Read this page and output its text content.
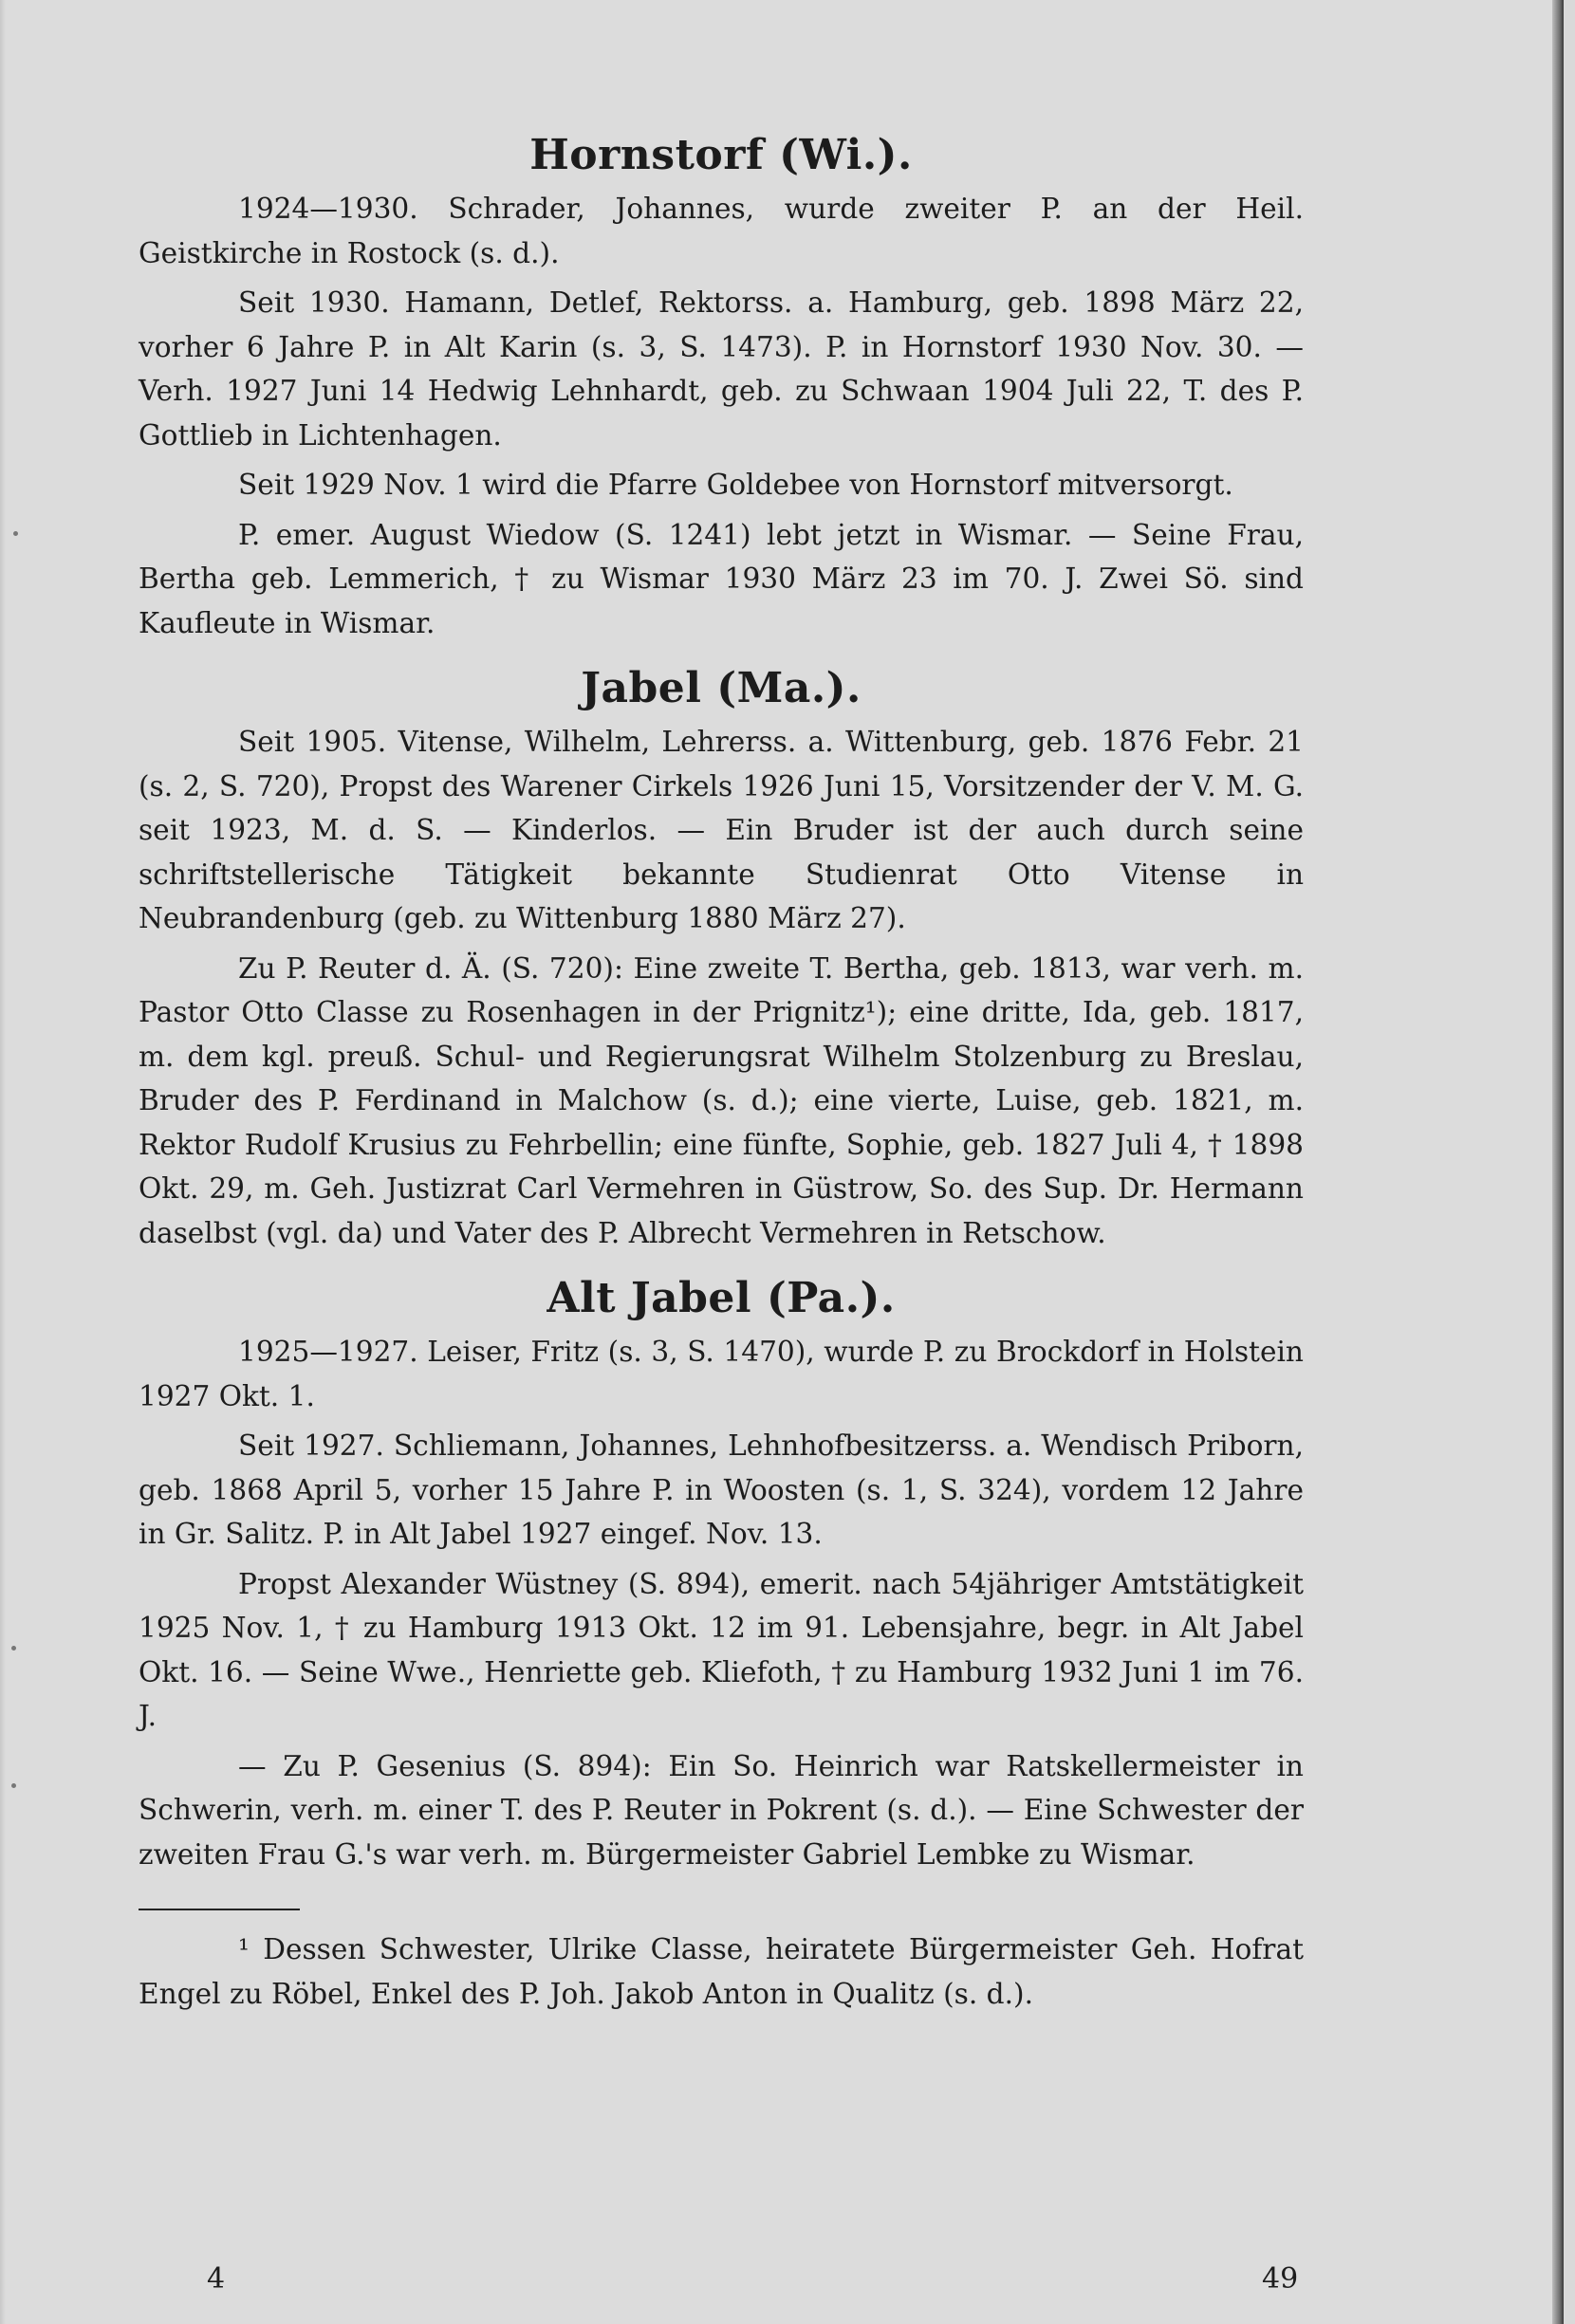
Hornstorf (Wi.).

1924—1930. Schrader, Johannes, wurde zweiter P. an der Heil. Geistkirche in Rostock (s. d.).

Seit 1930. Hamann, Detlef, Rektorss. a. Hamburg, geb. 1898 März 22, vorher 6 Jahre P. in Alt Karin (s. 3, S. 1473). P. in Hornstorf 1930 Nov. 30. — Verh. 1927 Juni 14 Hedwig Lehnhardt, geb. zu Schwaan 1904 Juli 22, T. des P. Gottlieb in Lichtenhagen.

Seit 1929 Nov. 1 wird die Pfarre Goldebee von Hornstorf mitversorgt.

P. emer. August Wiedow (S. 1241) lebt jetzt in Wismar. — Seine Frau, Bertha geb. Lemmerich, † zu Wismar 1930 März 23 im 70. J. Zwei Sö. sind Kaufleute in Wismar.

Jabel (Ma.).

Seit 1905. Vitense, Wilhelm, Lehrerss. a. Wittenburg, geb. 1876 Febr. 21 (s. 2, S. 720), Propst des Warener Cirkels 1926 Juni 15, Vorsitzender der V. M. G. seit 1923, M. d. S. — Kinderlos. — Ein Bruder ist der auch durch seine schriftstellerische Tätigkeit bekannte Studienrat Otto Vitense in Neubrandenburg (geb. zu Wittenburg 1880 März 27).

Zu P. Reuter d. Ä. (S. 720): Eine zweite T. Bertha, geb. 1813, war verh. m. Pastor Otto Classe zu Rosenhagen in der Prignitz¹); eine dritte, Ida, geb. 1817, m. dem kgl. preuß. Schul- und Regierungsrat Wilhelm Stolzenburg zu Breslau, Bruder des P. Ferdinand in Malchow (s. d.); eine vierte, Luise, geb. 1821, m. Rektor Rudolf Krusius zu Fehrbellin; eine fünfte, Sophie, geb. 1827 Juli 4, † 1898 Okt. 29, m. Geh. Justizrat Carl Vermehren in Güstrow, So. des Sup. Dr. Hermann daselbst (vgl. da) und Vater des P. Albrecht Vermehren in Retschow.

Alt Jabel (Pa.).

1925—1927. Leiser, Fritz (s. 3, S. 1470), wurde P. zu Brockdorf in Holstein 1927 Okt. 1.

Seit 1927. Schliemann, Johannes, Lehnhofbesitzerss. a. Wendisch Priborn, geb. 1868 April 5, vorher 15 Jahre P. in Woosten (s. 1, S. 324), vordem 12 Jahre in Gr. Salitz. P. in Alt Jabel 1927 eingef. Nov. 13.

Propst Alexander Wüstney (S. 894), emerit. nach 54jähriger Amtstätigkeit 1925 Nov. 1, † zu Hamburg 1913 Okt. 12 im 91. Lebensjahre, begr. in Alt Jabel Okt. 16. — Seine Wwe., Henriette geb. Kliefoth, † zu Hamburg 1932 Juni 1 im 76. J.

— Zu P. Gesenius (S. 894): Ein So. Heinrich war Ratskellermeister in Schwerin, verh. m. einer T. des P. Reuter in Pokrent (s. d.). — Eine Schwester der zweiten Frau G.'s war verh. m. Bürgermeister Gabriel Lembke zu Wismar.

¹ Dessen Schwester, Ulrike Classe, heiratete Bürgermeister Geh. Hofrat Engel zu Röbel, Enkel des P. Joh. Jakob Anton in Qualitz (s. d.).

4	49
